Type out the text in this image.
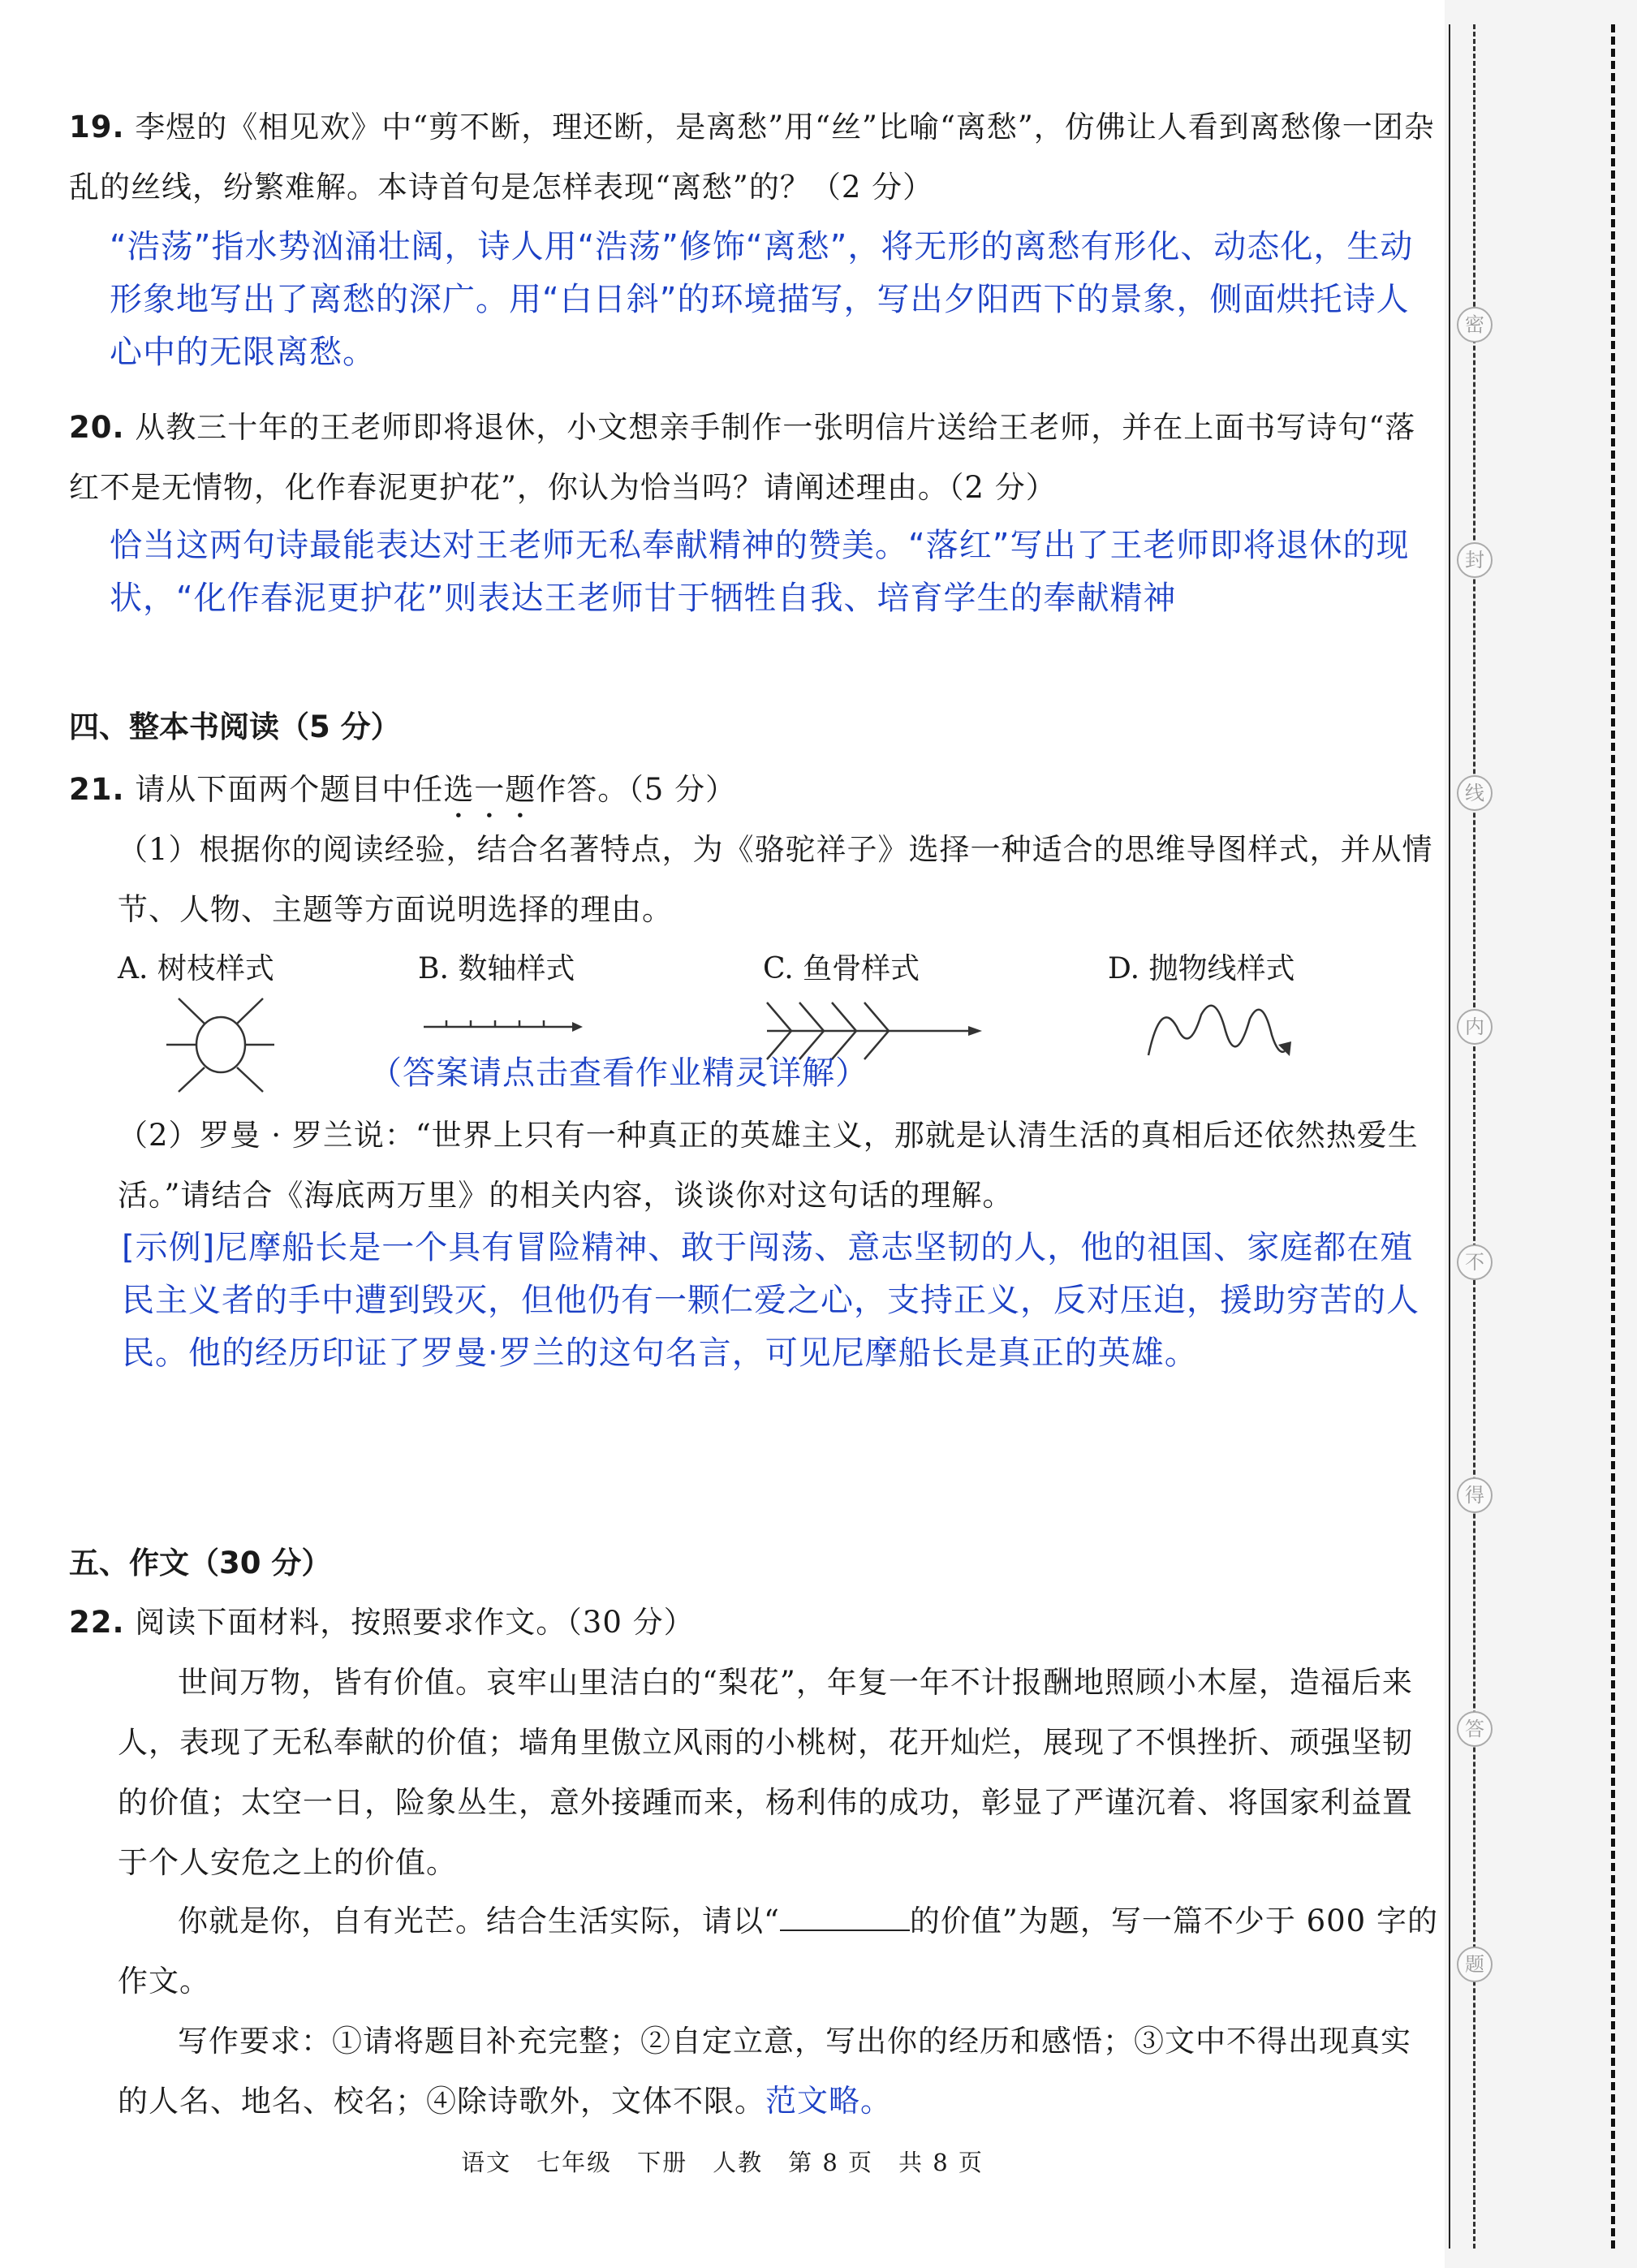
19. 李煜的《相见欢》中“剪不断，理还断，是离愁”用“丝”比喻“离愁”，仿佛让人看到离愁像一团杂乱的丝线，纷繁难解。本诗首句是怎样表现“离愁”的？（2 分）
“浩荡”指水势汹涌壮阔，诗人用“浩荡”修饰“离愁”，将无形的离愁有形化、动态化，生动形象地写出了离愁的深广。用“白日斜”的环境描写，写出夕阳西下的景象，侧面烘托诗人心中的无限离愁。
20. 从教三十年的王老师即将退休，小文想亲手制作一张明信片送给王老师，并在上面书写诗句“落红不是无情物，化作春泥更护花”，你认为恰当吗？请阐述理由。（2 分）
恰当这两句诗最能表达对王老师无私奉献精神的赞美。“落红”写出了王老师即将退休的现状，“化作春泥更护花”则表达王老师甘于牺牲自我、培育学生的奉献精神
四、整本书阅读（5 分）
21. 请从下面两个题目中任选一题作答。（5 分）
（1）根据你的阅读经验，结合名著特点，为《骆驼祥子》选择一种适合的思维导图样式，并从情节、人物、主题等方面说明选择的理由。
A. 树枝样式	B. 数轴样式	C. 鱼骨样式	D. 抛物线样式
（答案请点击查看作业精灵详解）
（2）罗曼 · 罗兰说：“世界上只有一种真正的英雄主义，那就是认清生活的真相后还依然热爱生活。”请结合《海底两万里》的相关内容，谈谈你对这句话的理解。
[示例]尼摩船长是一个具有冒险精神、敢于闯荡、意志坚韧的人，他的祖国、家庭都在殖民主义者的手中遭到毁灭，但他仍有一颗仁爱之心，支持正义，反对压迫，援助穷苦的人民。他的经历印证了罗曼·罗兰的这句名言，可见尼摩船长是真正的英雄。
五、作文（30 分）
22. 阅读下面材料，按照要求作文。（30 分）
世间万物，皆有价值。哀牢山里洁白的“梨花”，年复一年不计报酬地照顾小木屋，造福后来人，表现了无私奉献的价值；墙角里傲立风雨的小桃树，花开灿烂，展现了不惧挫折、顽强坚韧的价值；太空一日，险象丛生，意外接踵而来，杨利伟的成功，彰显了严谨沉着、将国家利益置于个人安危之上的价值。
你就是你，自有光芒。结合生活实际，请以“	的价值”为题，写一篇不少于 600 字的作文。
写作要求：①请将题目补充完整；②自定立意，写出你的经历和感悟；③文中不得出现真实的人名、地名、校名；④除诗歌外，文体不限。范文略。
语文　七年级　下册　人教　第 8 页　共 8 页
密
封
线
内
不
得
答
题
